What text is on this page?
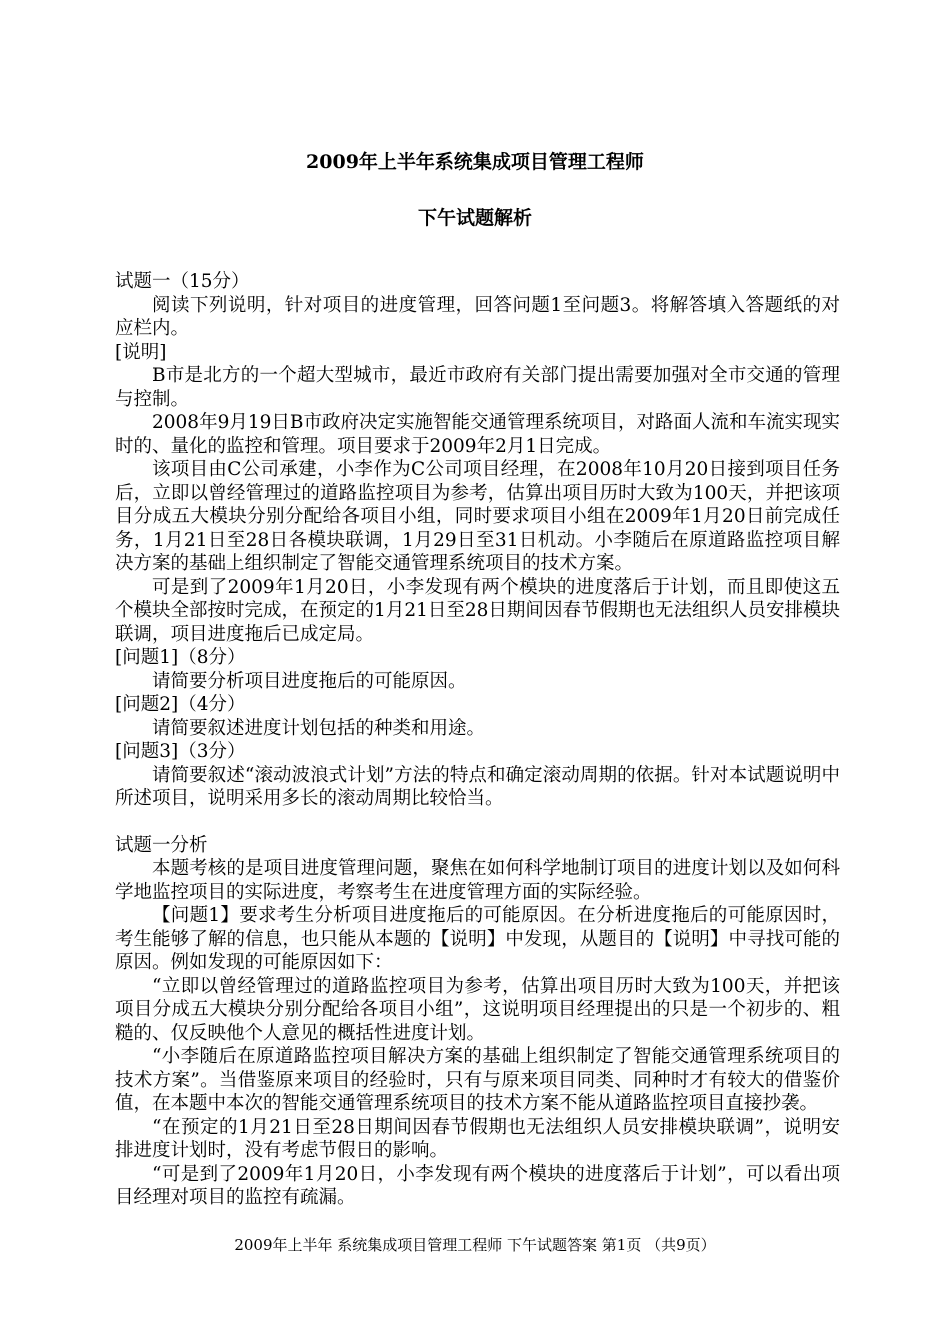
2009年上半年系统集成项目管理工程师
下午试题解析

试题一（15分）

阅读下列说明，针对项目的进度管理，回答问题1至问题3。将解答填入答题纸的对应栏内。

[说明]

B市是北方的一个超大型城市，最近市政府有关部门提出需要加强对全市交通的管理与控制。

2008年9月19日B市政府决定实施智能交通管理系统项目，对路面人流和车流实现实时的、量化的监控和管理。项目要求于2009年2月1日完成。

该项目由C公司承建，小李作为C公司项目经理，在2008年10月20日接到项目任务后，立即以曾经管理过的道路监控项目为参考，估算出项目历时大致为100天，并把该项目分成五大模块分别分配给各项目小组，同时要求项目小组在2009年1月20日前完成任务，1月21日至28日各模块联调，1月29日至31日机动。小李随后在原道路监控项目解决方案的基础上组织制定了智能交通管理系统项目的技术方案。

可是到了2009年1月20日，小李发现有两个模块的进度落后于计划，而且即使这五个模块全部按时完成，在预定的1月21日至28日期间因春节假期也无法组织人员安排模块联调，项目进度拖后已成定局。

[问题1]（8分）

请简要分析项目进度拖后的可能原因。

[问题2]（4分）

请简要叙述进度计划包括的种类和用途。

[问题3]（3分）

请简要叙述“滚动波浪式计划”方法的特点和确定滚动周期的依据。针对本试题说明中所述项目，说明采用多长的滚动周期比较恰当。

试题一分析

本题考核的是项目进度管理问题，聚焦在如何科学地制订项目的进度计划以及如何科学地监控项目的实际进度，考察考生在进度管理方面的实际经验。

【问题1】要求考生分析项目进度拖后的可能原因。在分析进度拖后的可能原因时，考生能够了解的信息，也只能从本题的【说明】中发现，从题目的【说明】中寻找可能的原因。例如发现的可能原因如下：

“立即以曾经管理过的道路监控项目为参考，估算出项目历时大致为100天，并把该项目分成五大模块分别分配给各项目小组”，这说明项目经理提出的只是一个初步的、粗糙的、仅反映他个人意见的概括性进度计划。

“小李随后在原道路监控项目解决方案的基础上组织制定了智能交通管理系统项目的技术方案”。当借鉴原来项目的经验时，只有与原来项目同类、同种时才有较大的借鉴价值，在本题中本次的智能交通管理系统项目的技术方案不能从道路监控项目直接抄袭。

“在预定的1月21日至28日期间因春节假期也无法组织人员安排模块联调”，说明安排进度计划时，没有考虑节假日的影响。

“可是到了2009年1月20日，小李发现有两个模块的进度落后于计划”，可以看出项目经理对项目的监控有疏漏。

2009年上半年 系统集成项目管理工程师 下午试题答案 第1页 （共9页）
